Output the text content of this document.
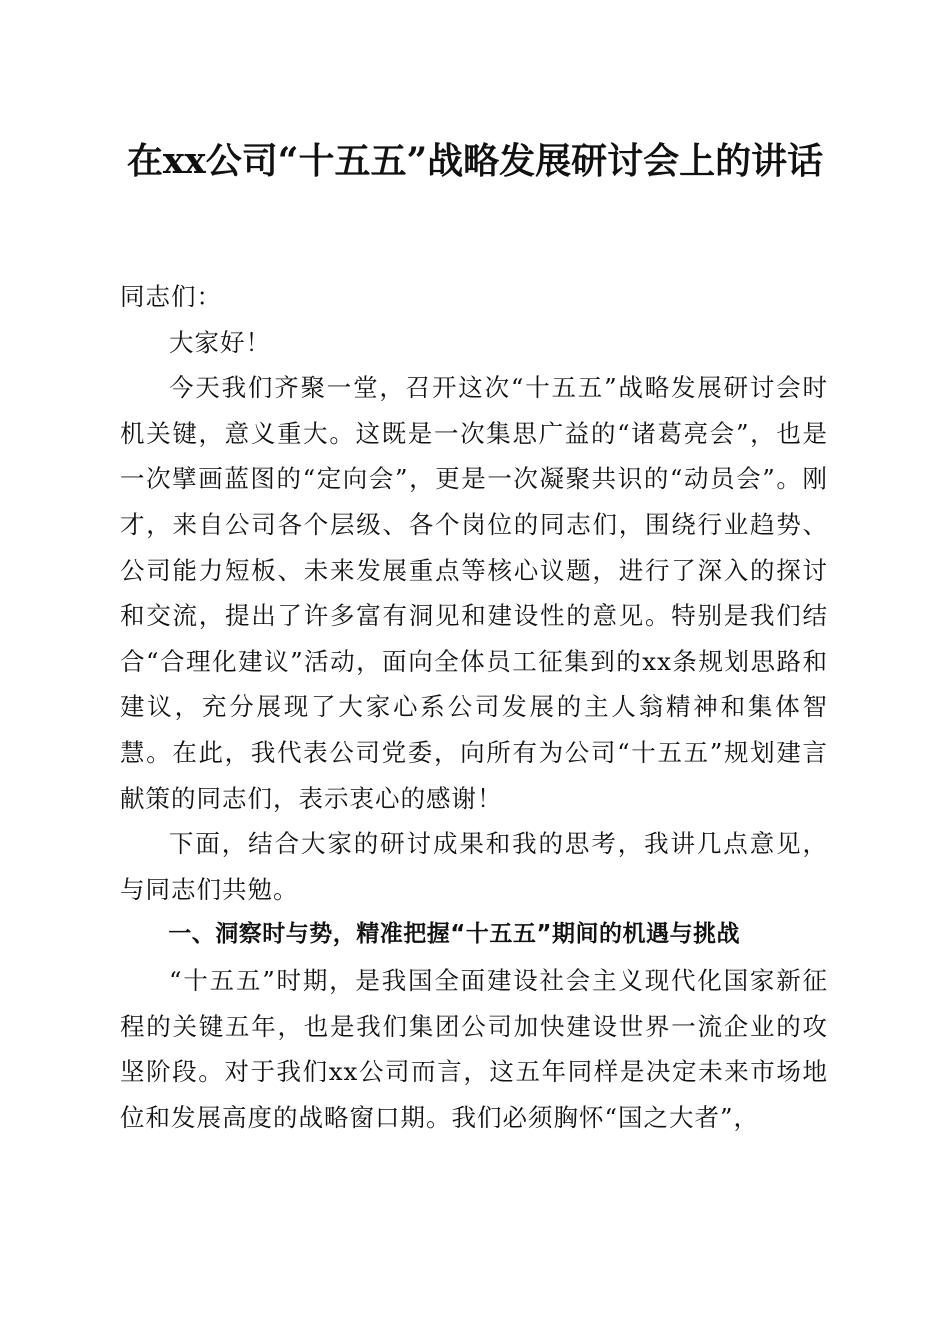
在xx公司“十五五”战略发展研讨会上的讲话

同志们：

大家好！

今天我们齐聚一堂，召开这次“十五五”战略发展研讨会时机关键，意义重大。这既是一次集思广益的“诸葛亮会”，也是一次擘画蓝图的“定向会”，更是一次凝聚共识的“动员会”。刚才，来自公司各个层级、各个岗位的同志们，围绕行业趋势、公司能力短板、未来发展重点等核心议题，进行了深入的探讨和交流，提出了许多富有洞见和建设性的意见。特别是我们结合“合理化建议”活动，面向全体员工征集到的xx条规划思路和建议，充分展现了大家心系公司发展的主人翁精神和集体智慧。在此，我代表公司党委，向所有为公司“十五五”规划建言献策的同志们，表示衷心的感谢！

下面，结合大家的研讨成果和我的思考，我讲几点意见，与同志们共勉。

一、洞察时与势，精准把握“十五五”期间的机遇与挑战

“十五五”时期，是我国全面建设社会主义现代化国家新征程的关键五年，也是我们集团公司加快建设世界一流企业的攻坚阶段。对于我们xx公司而言，这五年同样是决定未来市场地位和发展高度的战略窗口期。我们必须胸怀“国之大者”，
